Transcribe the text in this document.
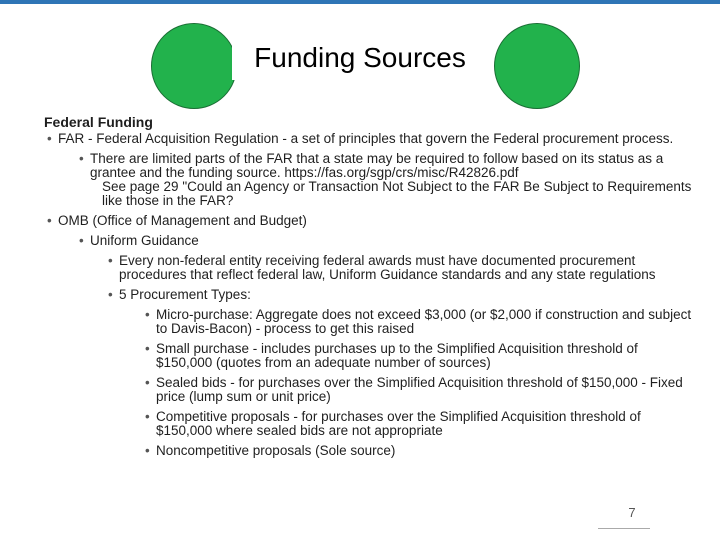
Funding Sources
Federal Funding
• FAR - Federal Acquisition Regulation - a set of principles that govern the Federal procurement process.
• There are limited parts of the FAR that a state may be required to follow based on its status as a grantee and the funding source. https://fas.org/sgp/crs/misc/R42826.pdf
See page 29 "Could an Agency or Transaction Not Subject to the FAR Be Subject to Requirements like those in the FAR?
• OMB (Office of Management and Budget)
• Uniform Guidance
• Every non-federal entity receiving federal awards must have documented procurement procedures that reflect federal law, Uniform Guidance standards and any state regulations
• 5 Procurement Types:
• Micro-purchase: Aggregate does not exceed $3,000 (or $2,000 if construction and subject to Davis-Bacon) - process to get this raised
• Small purchase - includes purchases up to the Simplified Acquisition threshold of $150,000 (quotes from an adequate number of sources)
• Sealed bids - for purchases over the Simplified Acquisition threshold of $150,000 - Fixed price (lump sum or unit price)
• Competitive proposals - for purchases over the Simplified Acquisition threshold of $150,000 where sealed bids are not appropriate
• Noncompetitive proposals (Sole source)
7
